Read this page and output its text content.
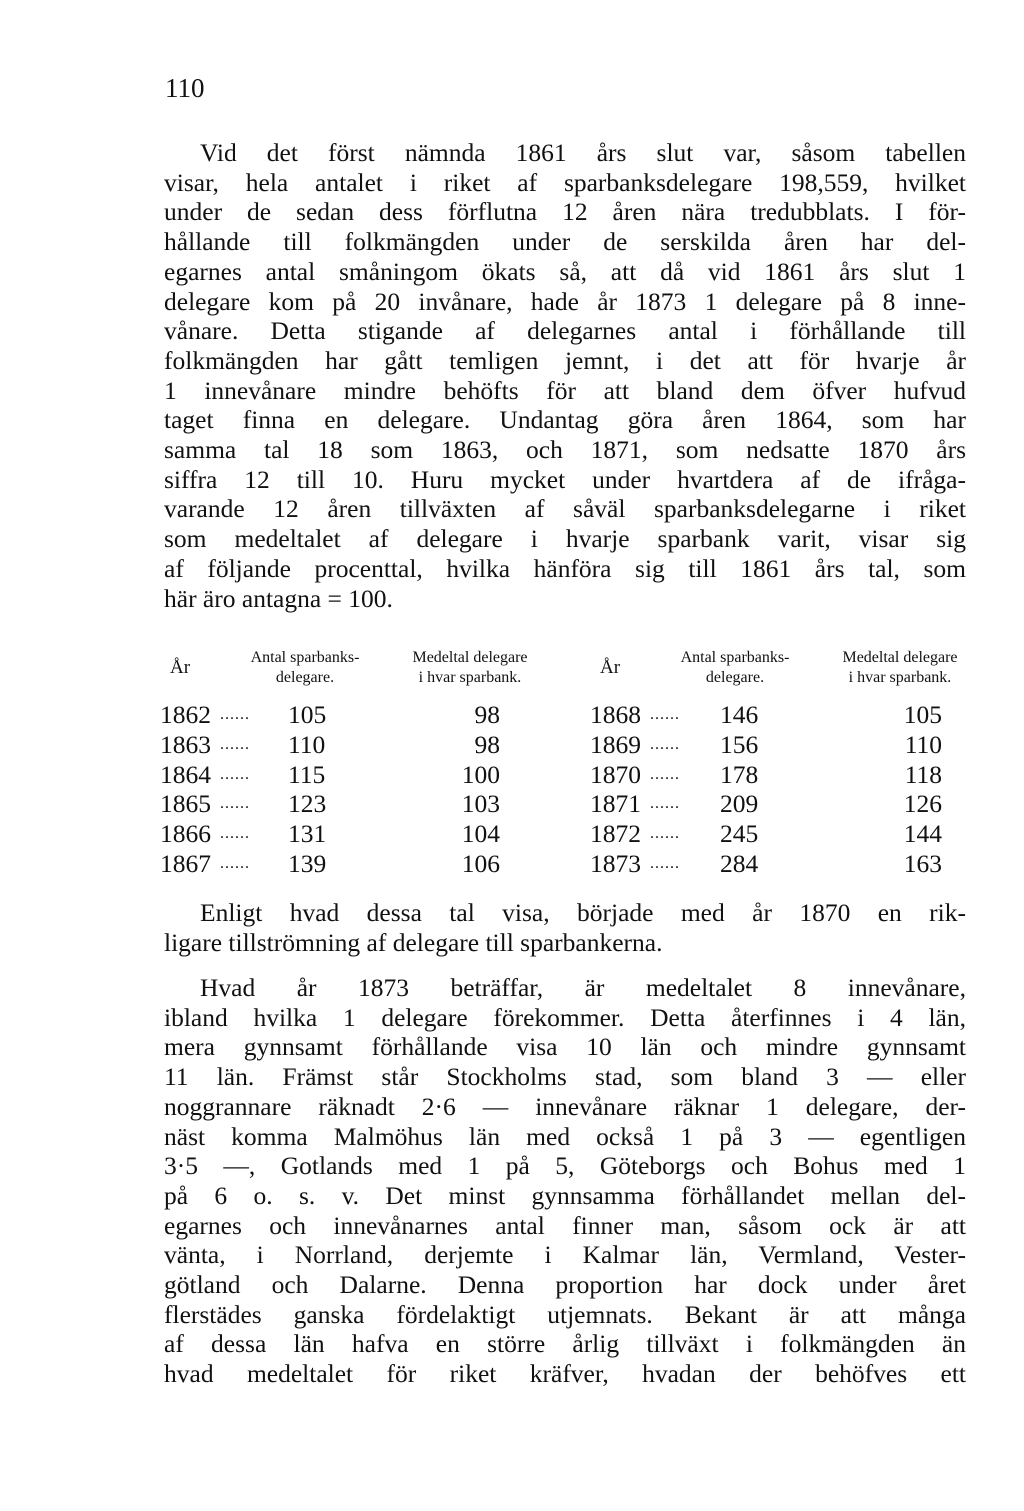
110
Vid det först nämnda 1861 års slut var, såsom tabellen
visar, hela antalet i riket af sparbanksdelegare 198,559, hvilket
under de sedan dess förflutna 12 åren nära tredubblats. I för-
hållande till folkmängden under de serskilda åren har del-
egarnes antal småningom ökats så, att då vid 1861 års slut 1
delegare kom på 20 invånare, hade år 1873 1 delegare på 8 inne-
vånare. Detta stigande af delegarnes antal i förhållande till
folkmängden har gått temligen jemnt, i det att för hvarje år
1 innevånare mindre behöfts för att bland dem öfver hufvud
taget finna en delegare. Undantag göra åren 1864, som har
samma tal 18 som 1863, och 1871, som nedsatte 1870 års
siffra 12 till 10. Huru mycket under hvartdera af de ifråga-
varande 12 åren tillväxten af såväl sparbanksdelegarne i riket
som medeltalet af delegare i hvarje sparbank varit, visar sig
af följande procenttal, hvilka hänföra sig till 1861 års tal, som
här äro antagna = 100.
År	Antal sparbanks-
delegare.
Medeltal delegare
i hvar sparbank.
1862 ...... 105	98
1863 ...... 110	98
1864 ...... 115	100
1865 ...... 123	103
1866 ...... 131	104
1867 ...... 139	106
År	Antal sparbanks-
delegare.
Medeltal delegare
i hvar sparbank.
1868 ...... 146	105
1869 ...... 156	110
1870 ...... 178	118
1871 ...... 209	126
1872 ...... 245	144
1873 ...... 284	163
Enligt hvad dessa tal visa, började med år 1870 en rik-
ligare tillströmning af delegare till sparbankerna.
Hvad år 1873 beträffar, är medeltalet 8 innevånare,
ibland hvilka 1 delegare förekommer. Detta återfinnes i 4 län,
mera gynnsamt förhållande visa 10 län och mindre gynnsamt
11 län. Främst står Stockholms stad, som bland 3 — eller
noggrannare räknadt 2·6 — innevånare räknar 1 delegare, der-
näst komma Malmöhus län med också 1 på 3 — egentligen
3·5 —, Gotlands med 1 på 5, Göteborgs och Bohus med 1
på 6 o. s. v. Det minst gynnsamma förhållandet mellan del-
egarnes och innevånarnes antal finner man, såsom ock är att
vänta, i Norrland, derjemte i Kalmar län, Vermland, Vester-
götland och Dalarne. Denna proportion har dock under året
flerstädes ganska fördelaktigt utjemnats. Bekant är att många
af dessa län hafva en större årlig tillväxt i folkmängden än
hvad medeltalet för riket kräfver, hvadan der behöfves ett
